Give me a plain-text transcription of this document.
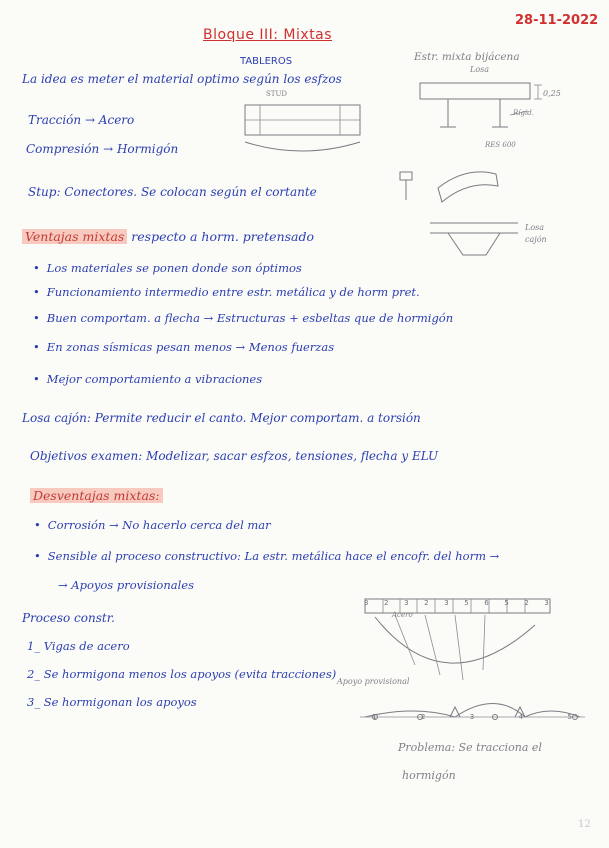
28-11-2022
Bloque III: Mixtas
TABLEROS
La idea es meter el material optimo según los esfzos
Tracción → Acero
Compresión → Hormigón
Stup: Conectores. Se colocan según el cortante
Ventajas mixtas respecto a horm. pretensado
• Los materiales se ponen donde son óptimos
• Funcionamiento intermedio entre estr. metálica y de horm pret.
• Buen comportam. a flecha → Estructuras + esbeltas que de hormigón
• En zonas sísmicas pesan menos → Menos fuerzas
• Mejor comportamiento a vibraciones
Losa cajón: Permite reducir el canto. Mejor comportam. a torsión
Objetivos examen: Modelizar, sacar esfzos, tensiones, flecha y ELU
Desventajas mixtas:
• Corrosión → No hacerlo cerca del mar
• Sensible al proceso constructivo: La estr. metálica hace el encofr. del horm →
→ Apoyos provisionales
Proceso constr.
1_ Vigas de acero
2_ Se hormigona menos los apoyos (evita tracciones)
3_ Se hormigonan los apoyos
Estr. mixta bijácena
Losa
0,25
Rígid.
RES 600
STUD
Losa cajón
3 2 3 2 3 5 6 5 2 3
Acero
Apoyo provisional
1	2	3	4	5
Problema: Se tracciona el
hormigón
12
